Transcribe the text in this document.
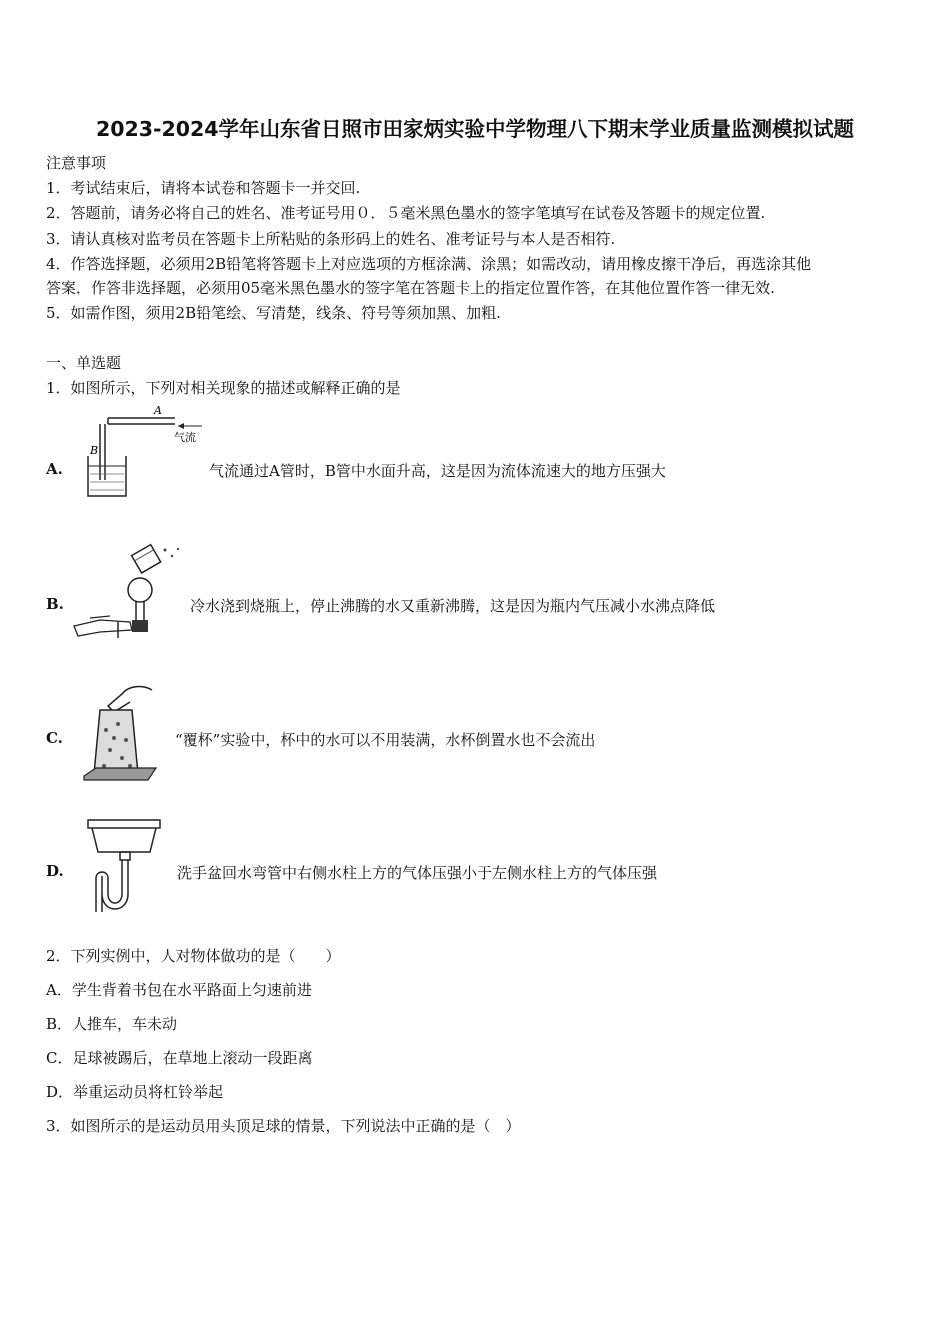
2023-2024学年山东省日照市田家炳实验中学物理八下期末学业质量监测模拟试题
注意事项
1．考试结束后，请将本试卷和答题卡一并交回.
2．答题前，请务必将自己的姓名、准考证号用０．５毫米黑色墨水的签字笔填写在试卷及答题卡的规定位置.
3．请认真核对监考员在答题卡上所粘贴的条形码上的姓名、准考证号与本人是否相符.
4．作答选择题，必须用2B铅笔将答题卡上对应选项的方框涂满、涂黑；如需改动，请用橡皮擦干净后，再选涂其他
答案．作答非选择题，必须用05毫米黑色墨水的签字笔在答题卡上的指定位置作答，在其他位置作答一律无效.
5．如需作图，须用2B铅笔绘、写清楚，线条、符号等须加黑、加粗.
一、单选题
1．如图所示，下列对相关现象的描述或解释正确的是
A.
A
B
气流
气流通过A管时，B管中水面升高，这是因为流体流速大的地方压强大
B.	冷水浇到烧瓶上，停止沸腾的水又重新沸腾，这是因为瓶内气压减小水沸点降低
C.	“覆杯”实验中，杯中的水可以不用装满，水杯倒置水也不会流出
D.	洗手盆回水弯管中右侧水柱上方的气体压强小于左侧水柱上方的气体压强
2．下列实例中，人对物体做功的是（　　）
A．学生背着书包在水平路面上匀速前进
B．人推车，车未动
C．足球被踢后，在草地上滚动一段距离
D．举重运动员将杠铃举起
3．如图所示的是运动员用头顶足球的情景，下列说法中正确的是（　）
